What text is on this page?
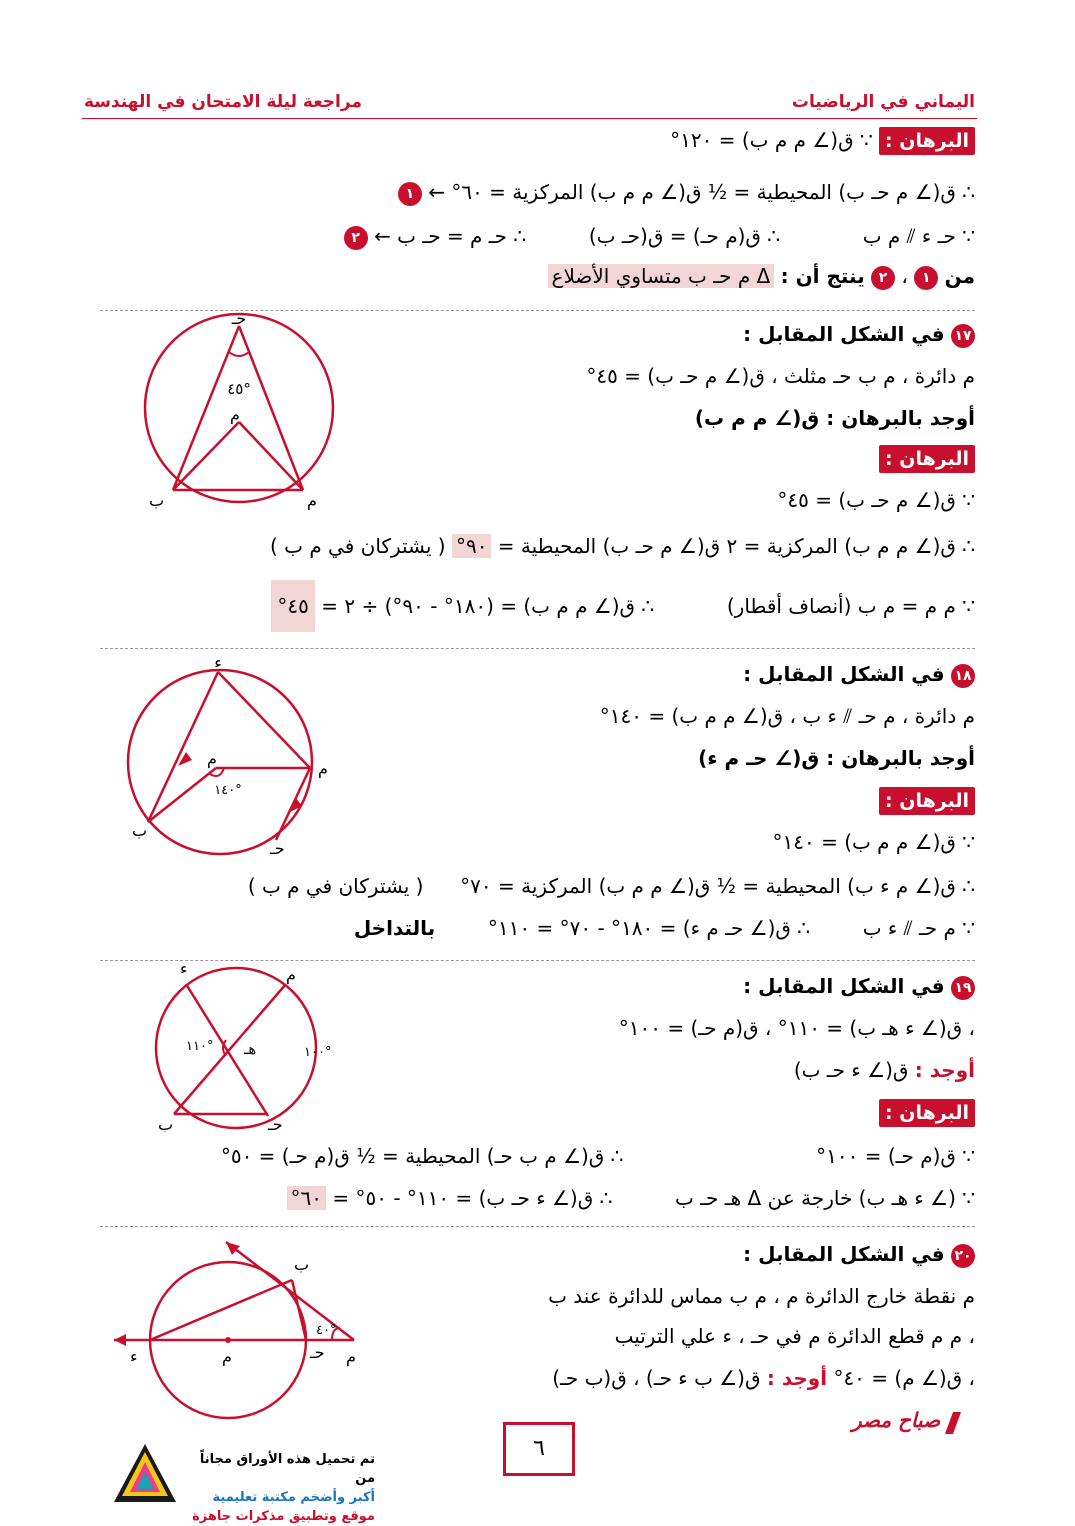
اليماني في الرياضيات
مراجعة ليلة الامتحان في الهندسة
البرهان : ∵ ق(∠ م م ب) = ١٢٠°
∴ ق(∠ م حـ ب) المحيطية = ½ ق(∠ م م ب) المركزية = ٦٠° ← ١
∵ حـ ء ⫽ م ب  ∴ ق(م حـ) = ق(حـ ب)  ∴ حـ م = حـ ب ← ٢
من ١ ، ٢ ينتج أن : Δ م حـ ب متساوي الأضلاع
١٧ في الشكل المقابل :
م دائرة ، م ب حـ مثلث ، ق(∠ م حـ ب) = ٤٥°
أوجد بالبرهان : ق(∠ م م ب)
البرهان :
∵ ق(∠ م حـ ب) = ٤٥°
∴ ق(∠ م م ب) المركزية = ٢ ق(∠ م حـ ب) المحيطية = ٩٠° ( يشتركان في م ب )
∵ م م = م ب (أنصاف أقطار)  ∴ ق(∠ م م ب) = (١٨٠° - ٩٠°) ÷ ٢ = ٤٥°
حـ
٤٥°
م
ب	م
١٨ في الشكل المقابل :
م دائرة ، م حـ ⫽ ء ب ، ق(∠ م م ب) = ١٤٠°
أوجد بالبرهان : ق(∠ حـ م ء)
البرهان :
∵ ق(∠ م م ب) = ١٤٠°
∴ ق(∠ م ء ب) المحيطية = ½ ق(∠ م م ب) المركزية = ٧٠°  ( يشتركان في م ب )
∵ م حـ ⫽ ء ب  ∴ ق(∠ حـ م ء) = ١٨٠° - ٧٠° = ١١٠°  بالتداخل
ء
م
١٤٠°
م
ب
حـ
١٩ في الشكل المقابل :
، ق(∠ ء هـ ب) = ١١٠° ، ق(م حـ) = ١٠٠°
أوجد : ق(∠ ء حـ ب)
البرهان :
∵ ق(م حـ) = ١٠٠°  ∴ ق(∠ م ب حـ) المحيطية = ½ ق(م حـ) = ٥٠°
∵ (∠ ء هـ ب) خارجة عن Δ هـ حـ ب  ∴ ق(∠ ء حـ ب) = ١١٠° - ٥٠° = ٦٠°
ء	م
هـ
١١٠°	١٠٠°
ب	حـ
٢٠ في الشكل المقابل :
م نقطة خارج الدائرة م ، م ب مماس للدائرة عند ب
، م م قطع الدائرة م في حـ ، ء علي الترتيب
، ق(∠ م) = ٤٠° أوجد : ق(∠ ب ء حـ) ، ق(ب حـ)
ب
٤٠°
ء	م	حـ م
٦
صباح مصر
تم تحميل هذه الأوراق مجاناً من
أكبر وأضخم مكتبة تعليمية
موقع وتطبيق مذكرات جاهزة
